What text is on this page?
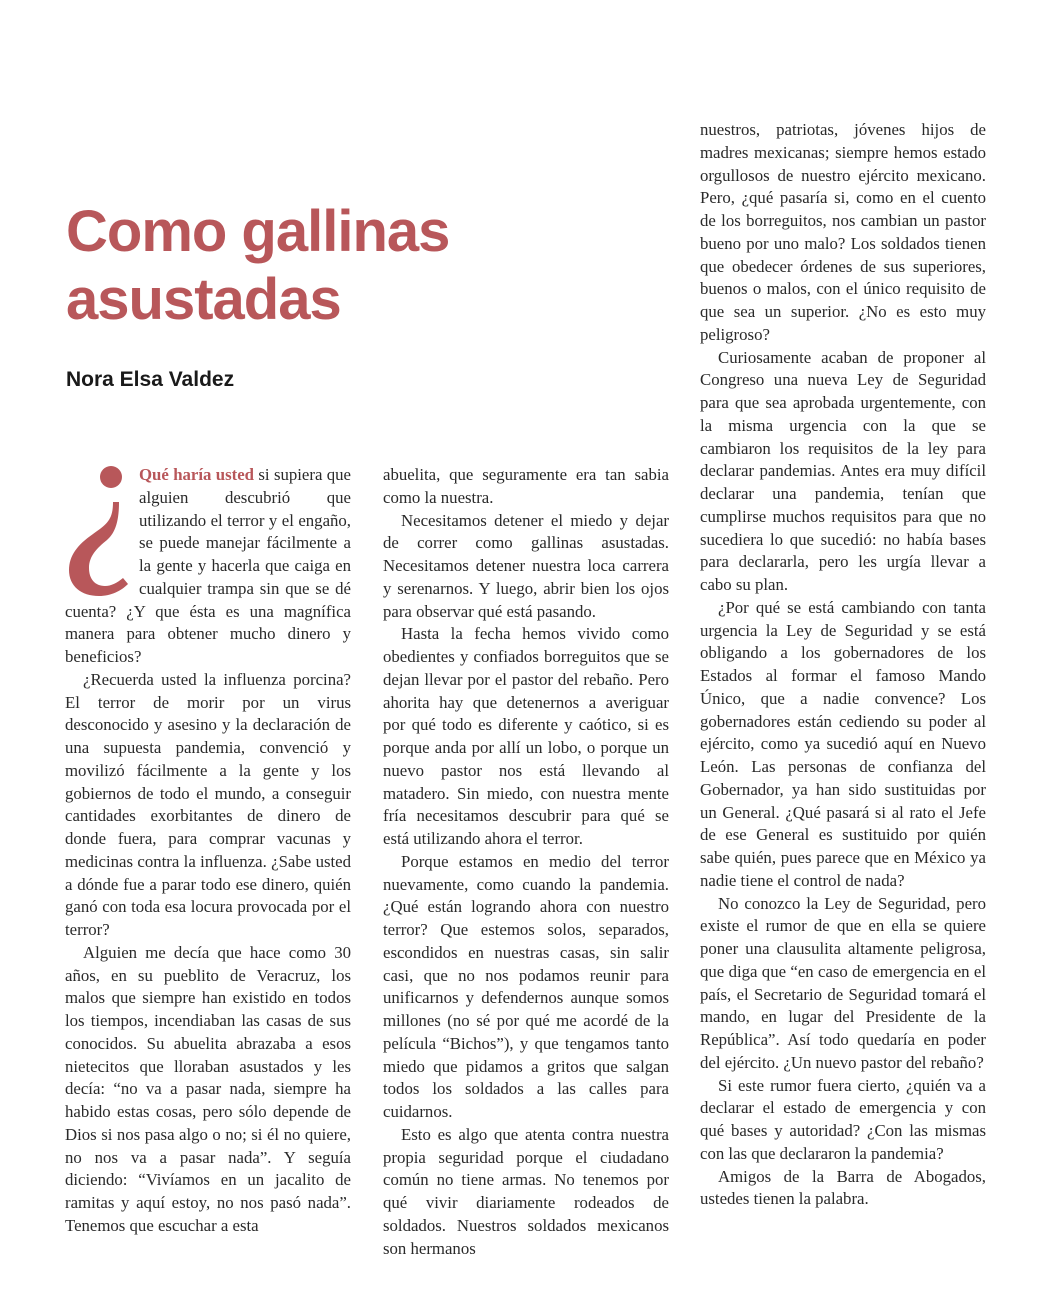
Como gallinas
asustadas
Nora Elsa Valdez

Qué haría usted si supiera que alguien descubrió que utilizando el terror y el engaño, se puede manejar fácilmente a la gente y hacerla que caiga en cualquier trampa sin que se dé cuenta? ¿Y que ésta es una magnífica manera para obtener mucho dinero y beneficios?

¿Recuerda usted la influenza porcina? El terror de morir por un virus desconocido y asesino y la declaración de una supuesta pandemia, convenció y movilizó fácilmente a la gente y los gobiernos de todo el mundo, a conseguir cantidades exorbitantes de dinero de donde fuera, para comprar vacunas y medicinas contra la influenza. ¿Sabe usted a dónde fue a parar todo ese dinero, quién ganó con toda esa locura provocada por el terror?

Alguien me decía que hace como 30 años, en su pueblito de Veracruz, los malos que siempre han existido en todos los tiempos, incendiaban las casas de sus conocidos. Su abuelita abrazaba a esos nietecitos que lloraban asustados y les decía: “no va a pasar nada, siempre ha habido estas cosas, pero sólo depende de Dios si nos pasa algo o no; si él no quiere, no nos va a pasar nada”. Y seguía diciendo: “Vivíamos en un jacalito de ramitas y aquí estoy, no nos pasó nada”. Tenemos que escuchar a esta

abuelita, que seguramente era tan sabia como la nuestra.

Necesitamos detener el miedo y dejar de correr como gallinas asustadas. Necesitamos detener nuestra loca carrera y serenarnos. Y luego, abrir bien los ojos para observar qué está pasando.

Hasta la fecha hemos vivido como obedientes y confiados borreguitos que se dejan llevar por el pastor del rebaño. Pero ahorita hay que detenernos a averiguar por qué todo es diferente y caótico, si es porque anda por allí un lobo, o porque un nuevo pastor nos está llevando al matadero. Sin miedo, con nuestra mente fría necesitamos descubrir para qué se está utilizando ahora el terror.

Porque estamos en medio del terror nuevamente, como cuando la pandemia. ¿Qué están logrando ahora con nuestro terror? Que estemos solos, separados, escondidos en nuestras casas, sin salir casi, que no nos podamos reunir para unificarnos y defendernos aunque somos millones (no sé por qué me acordé de la película “Bichos”), y que tengamos tanto miedo que pidamos a gritos que salgan todos los soldados a las calles para cuidarnos.

Esto es algo que atenta contra nuestra propia seguridad porque el ciudadano común no tiene armas. No tenemos por qué vivir diariamente rodeados de soldados. Nuestros soldados mexicanos son hermanos

nuestros, patriotas, jóvenes hijos de madres mexicanas; siempre hemos estado orgullosos de nuestro ejército mexicano. Pero, ¿qué pasaría si, como en el cuento de los borreguitos, nos cambian un pastor bueno por uno malo? Los soldados tienen que obedecer órdenes de sus superiores, buenos o malos, con el único requisito de que sea un superior. ¿No es esto muy peligroso?

Curiosamente acaban de proponer al Congreso una nueva Ley de Seguridad para que sea aprobada urgentemente, con la misma urgencia con la que se cambiaron los requisitos de la ley para declarar pandemias. Antes era muy difícil declarar una pandemia, tenían que cumplirse muchos requisitos para que no sucediera lo que sucedió: no había bases para declararla, pero les urgía llevar a cabo su plan.

¿Por qué se está cambiando con tanta urgencia la Ley de Seguridad y se está obligando a los gobernadores de los Estados al formar el famoso Mando Único, que a nadie convence? Los gobernadores están cediendo su poder al ejército, como ya sucedió aquí en Nuevo León. Las personas de confianza del Gobernador, ya han sido sustituidas por un General. ¿Qué pasará si al rato el Jefe de ese General es sustituido por quién sabe quién, pues parece que en México ya nadie tiene el control de nada?

No conozco la Ley de Seguridad, pero existe el rumor de que en ella se quiere poner una clausulita altamente peligrosa, que diga que “en caso de emergencia en el país, el Secretario de Seguridad tomará el mando, en lugar del Presidente de la República”. Así todo quedaría en poder del ejército. ¿Un nuevo pastor del rebaño?

Si este rumor fuera cierto, ¿quién va a declarar el estado de emergencia y con qué bases y autoridad? ¿Con las mismas con las que declararon la pandemia?

Amigos de la Barra de Abogados, ustedes tienen la palabra.
